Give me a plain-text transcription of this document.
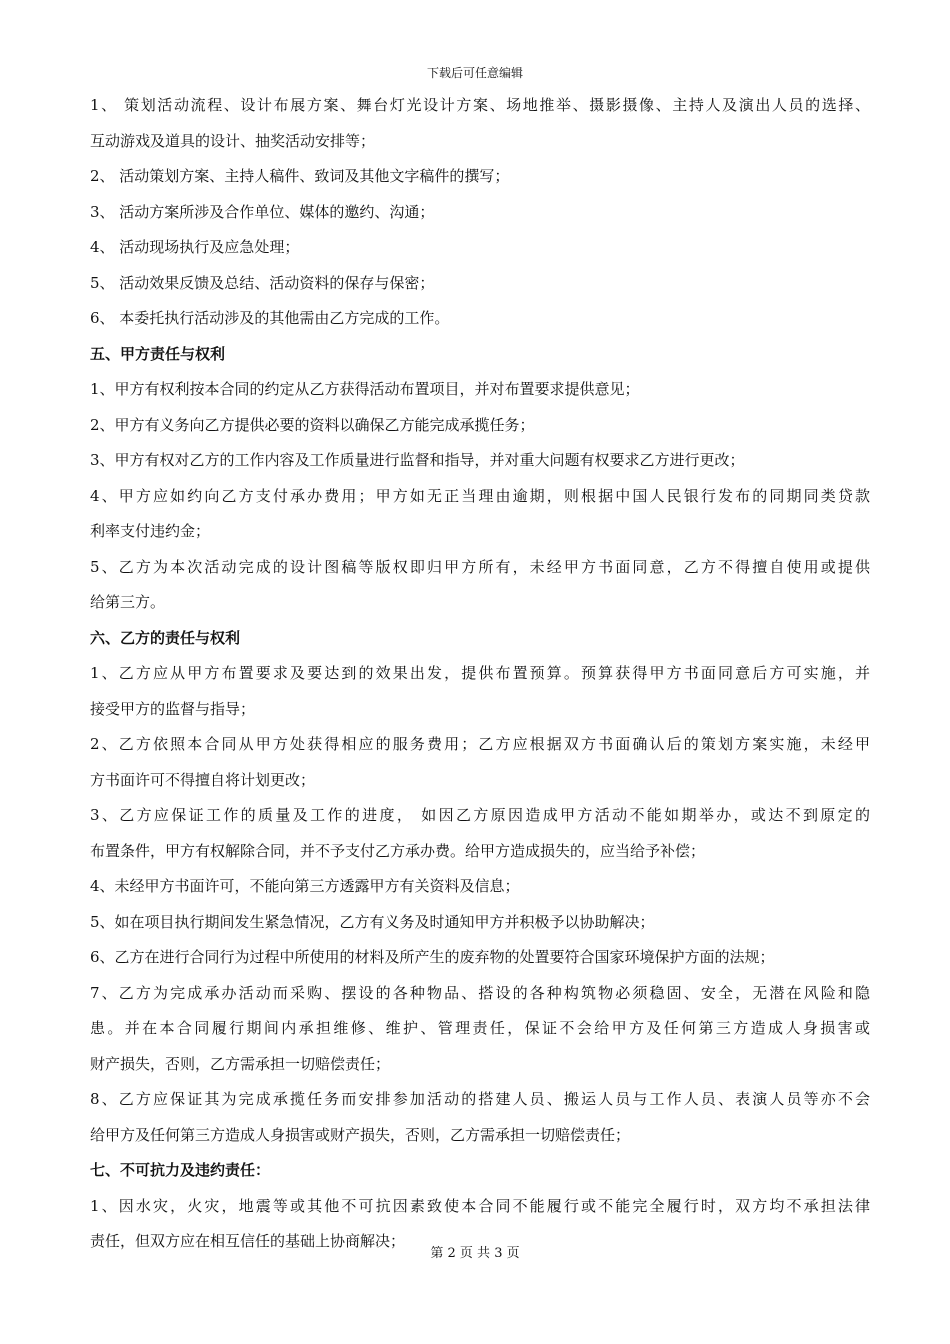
下载后可任意编辑
1、 策划活动流程、设计布展方案、舞台灯光设计方案、场地推举、摄影摄像、主持人及演出人员的选择、
互动游戏及道具的设计、抽奖活动安排等；
2、 活动策划方案、主持人稿件、致词及其他文字稿件的撰写；
3、 活动方案所涉及合作单位、媒体的邀约、沟通；
4、 活动现场执行及应急处理；
5、 活动效果反馈及总结、活动资料的保存与保密；
6、 本委托执行活动涉及的其他需由乙方完成的工作。
五、甲方责任与权利
1、甲方有权利按本合同的约定从乙方获得活动布置项目，并对布置要求提供意见；
2、甲方有义务向乙方提供必要的资料以确保乙方能完成承揽任务；
3、甲方有权对乙方的工作内容及工作质量进行监督和指导，并对重大问题有权要求乙方进行更改；
4、甲方应如约向乙方支付承办费用；甲方如无正当理由逾期，则根据中国人民银行发布的同期同类贷款
利率支付违约金；
5、乙方为本次活动完成的设计图稿等版权即归甲方所有，未经甲方书面同意，乙方不得擅自使用或提供
给第三方。
六、乙方的责任与权利
1、乙方应从甲方布置要求及要达到的效果出发，提供布置预算。预算获得甲方书面同意后方可实施，并
接受甲方的监督与指导；
2、乙方依照本合同从甲方处获得相应的服务费用；乙方应根据双方书面确认后的策划方案实施，未经甲
方书面许可不得擅自将计划更改；
3、乙方应保证工作的质量及工作的进度， 如因乙方原因造成甲方活动不能如期举办，或达不到原定的
布置条件，甲方有权解除合同，并不予支付乙方承办费。给甲方造成损失的，应当给予补偿；
4、未经甲方书面许可，不能向第三方透露甲方有关资料及信息；
5、如在项目执行期间发生紧急情况，乙方有义务及时通知甲方并积极予以协助解决；
6、乙方在进行合同行为过程中所使用的材料及所产生的废弃物的处置要符合国家环境保护方面的法规；
7、乙方为完成承办活动而采购、摆设的各种物品、搭设的各种构筑物必须稳固、安全，无潜在风险和隐
患。并在本合同履行期间内承担维修、维护、管理责任，保证不会给甲方及任何第三方造成人身损害或
财产损失，否则，乙方需承担一切赔偿责任；
8、乙方应保证其为完成承揽任务而安排参加活动的搭建人员、搬运人员与工作人员、表演人员等亦不会
给甲方及任何第三方造成人身损害或财产损失，否则，乙方需承担一切赔偿责任；
七、不可抗力及违约责任：
1、因水灾，火灾，地震等或其他不可抗因素致使本合同不能履行或不能完全履行时，双方均不承担法律
责任，但双方应在相互信任的基础上协商解决；
第 2 页 共 3 页
